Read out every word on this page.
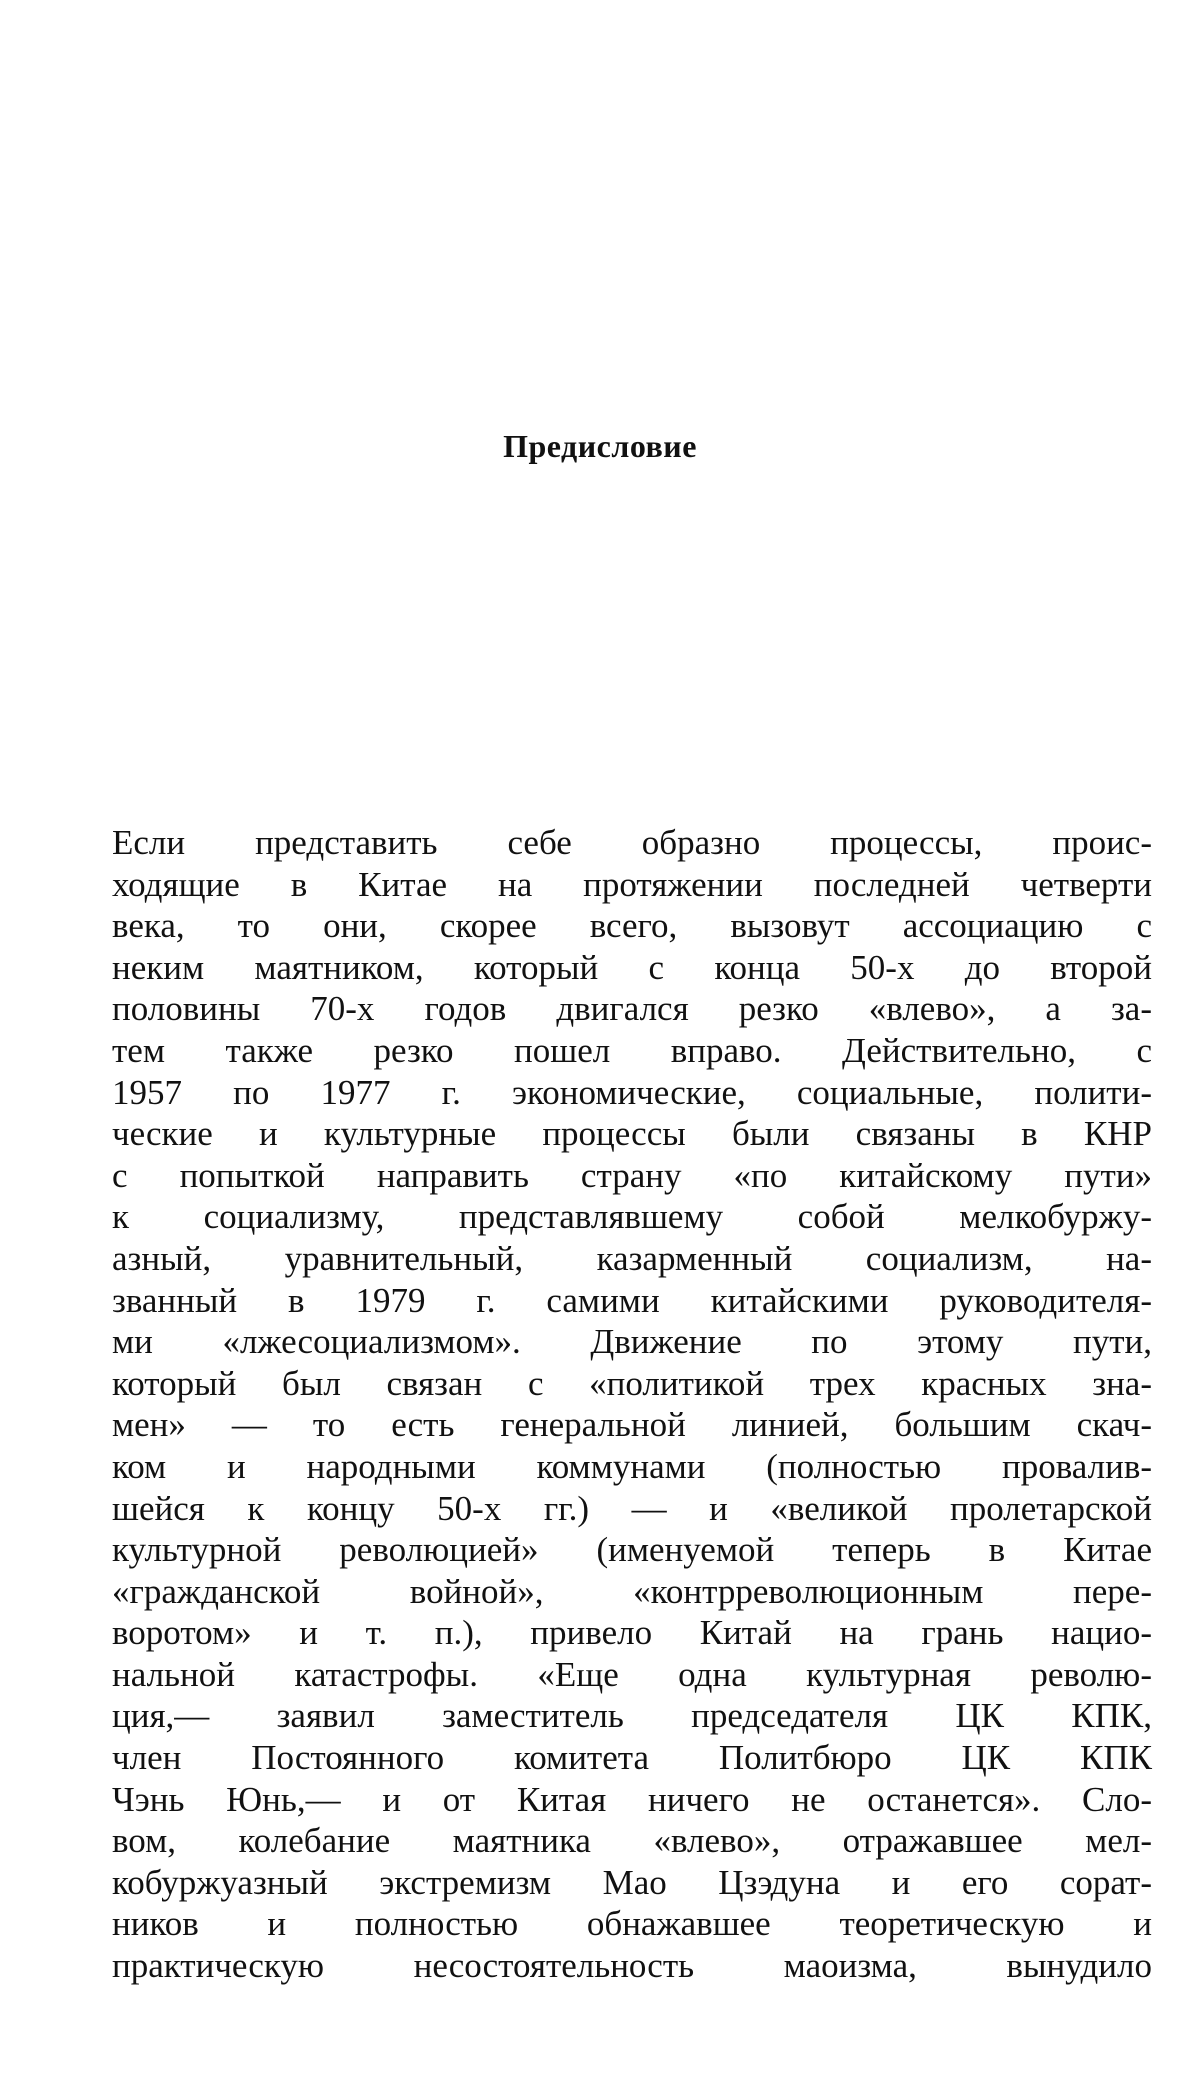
Предисловие
Если представить себе образно процессы, проис-
ходящие в Китае на протяжении последней четверти
века, то они, скорее всего, вызовут ассоциацию с
неким маятником, который с конца 50-х до второй
половины 70-х годов двигался резко «влево», а за-
тем также резко пошел вправо. Действительно, с
1957 по 1977 г. экономические, социальные, полити-
ческие и культурные процессы были связаны в КНР
с попыткой направить страну «по китайскому пути»
к социализму, представлявшему собой мелкобуржу-
азный, уравнительный, казарменный социализм, на-
званный в 1979 г. самими китайскими руководителя-
ми «лжесоциализмом». Движение по этому пути,
который был связан с «политикой трех красных зна-
мен» — то есть генеральной линией, большим скач-
ком и народными коммунами (полностью провалив-
шейся к концу 50-х гг.) — и «великой пролетарской
культурной революцией» (именуемой теперь в Китае
«гражданской войной», «контрреволюционным пере-
воротом» и т. п.), привело Китай на грань нацио-
нальной катастрофы. «Еще одна культурная револю-
ция,— заявил заместитель председателя ЦК КПК,
член Постоянного комитета Политбюро ЦК КПК
Чэнь Юнь,— и от Китая ничего не останется». Сло-
вом, колебание маятника «влево», отражавшее мел-
кобуржуазный экстремизм Мао Цзэдуна и его сорат-
ников и полностью обнажавшее теоретическую и
практическую несостоятельность маоизма, вынудило
